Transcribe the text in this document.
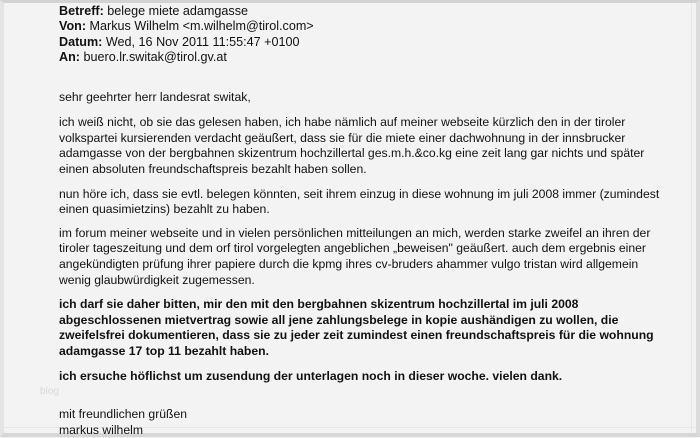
blog
Betreff: belege miete adamgasse
Von: Markus Wilhelm <m.wilhelm@tirol.com>
Datum: Wed, 16 Nov 2011 11:55:47 +0100
An: buero.lr.switak@tirol.gv.at

sehr geehrter herr landesrat switak,

ich weiß nicht, ob sie das gelesen haben, ich habe nämlich auf meiner webseite kürzlich den in der tiroler
volkspartei kursierenden verdacht geäußert, dass sie für die miete einer dachwohnung in der innsbrucker
adamgasse von der bergbahnen skizentrum hochzillertal ges.m.h.&co.kg eine zeit lang gar nichts und später
einen absoluten freundschaftspreis bezahlt haben sollen.
nun höre ich, dass sie evtl. belegen könnten, seit ihrem einzug in diese wohnung im juli 2008 immer (zumindest
einen quasimietzins) bezahlt zu haben.
im forum meiner webseite und in vielen persönlichen mitteilungen an mich, werden starke zweifel an ihren der
tiroler tageszeitung und dem orf tirol vorgelegten angeblichen „beweisen" geäußert. auch dem ergebnis einer
angekündigten prüfung ihrer papiere durch die kpmg ihres cv-bruders ahammer vulgo tristan wird allgemein
wenig glaubwürdigkeit zugemessen.
ich darf sie daher bitten, mir den mit den bergbahnen skizentrum hochzillertal im juli 2008
abgeschlossenen mietvertrag sowie all jene zahlungsbelege in kopie aushändigen zu wollen, die
zweifelsfrei dokumentieren, dass sie zu jeder zeit zumindest einen freundschaftspreis für die wohnung
adamgasse 17 top 11 bezahlt haben.

ich ersuche höflichst um zusendung der unterlagen noch in dieser woche. vielen dank.

mit freundlichen grüßen
markus wilhelm
